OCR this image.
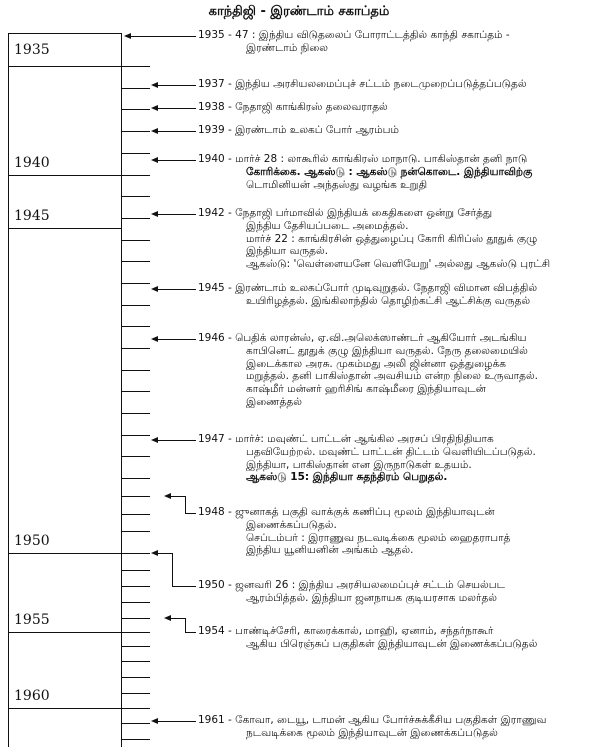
காந்திஜி - இரண்டாம் சகாப்தம்
1935
1940
1945
1950
1955
1960
1935 - 47 : இந்திய விடுதலைப் போராட்டத்தில் காந்தி சகாப்தம் -
இரண்டாம் நிலை
1937 - இந்திய அரசியலமைப்புச் சட்டம் நடைமுறைப்படுத்தப்படுதல்
1938 - நேதாஜி காங்கிரஸ் தலைவராதல்
1939 - இரண்டாம் உலகப் போர் ஆரம்பம்
1940 - மார்ச் 28 : லாகூரில் காங்கிரஸ் மாநாடு. பாகிஸ்தான் தனி நாடு
கோரிக்கை. ஆகஸ்டு : ஆகஸ்டு நன்கொடை. இந்தியாவிற்கு
டொமினியன் அந்தஸ்து வழங்க உறுதி
1942 - நேதாஜி பர்மாவில் இந்தியக் கைதிகளை ஒன்று சேர்த்து
இந்திய தேசியப்படை அமைத்தல்.
மார்ச் 22 : காங்கிரசின் ஒத்துழைப்பு கோரி கிரிப்ஸ் தூதுக் குழு
இந்தியா வருதல்.
ஆகஸ்டு: 'வெள்ளையனே வெளியேறு' அல்லது ஆகஸ்டு புரட்சி
1945 - இரண்டாம் உலகப்போர் முடிவுறுதல். நேதாஜி விமான விபத்தில்
உயிரிழத்தல். இங்கிலாந்தில் தொழிற்கட்சி ஆட்சிக்கு வருதல்
1946 - பெதிக் லாரன்ஸ், ஏ.வி.அலெக்ஸாண்டர் ஆகியோர் அடங்கிய
காபினெட் தூதுக் குழு இந்தியா வருதல். நேரு தலைமையில்
இடைக்கால அரசு. முகம்மது அலி ஜின்னா ஒத்துழைக்க
மறுத்தல். தனி பாகிஸ்தான் அவசியம் என்ற நிலை உருவாதல்.
காஷ்மீர் மன்னர் ஹரிசிங் காஷ்மீரை இந்தியாவுடன்
இணைத்தல்
1947 - மார்ச்: மவுண்ட் பாட்டன் ஆங்கில அரசப் பிரதிநிதியாக
பதவியேற்றல். மவுண்ட் பாட்டன் திட்டம் வெளியிடப்படுதல்.
இந்தியா, பாகிஸ்தான் என இருநாடுகள் உதயம்.
ஆகஸ்டு 15: இந்தியா சுதந்திரம் பெறுதல்.
1948 - ஜுனாகத் பகுதி வாக்குக் கணிப்பு மூலம் இந்தியாவுடன்
இணைக்கப்படுதல்.
செப்டம்பர் : இராணுவ நடவடிக்கை மூலம் ஹைதராபாத்
இந்திய யூனியனின் அங்கம் ஆதல்.
1950 - ஜனவரி 26 : இந்திய அரசியலமைப்புச் சட்டம் செயல்பட
ஆரம்பித்தல். இந்தியா ஜனநாயக குடியரசாக மலர்தல்
1954 - பாண்டிச்சேரி, காரைக்கால், மாஹி, ஏனாம், சந்தர்நாகூர்
ஆகிய பிரெஞ்சுப் பகுதிகள் இந்தியாவுடன் இணைக்கப்படுதல்
1961 - கோவா, டையூ, டாமன் ஆகிய போர்ச்சுக்கீசிய பகுதிகள் இராணுவ
நடவடிக்கை மூலம் இந்தியாவுடன் இணைக்கப்படுதல்
